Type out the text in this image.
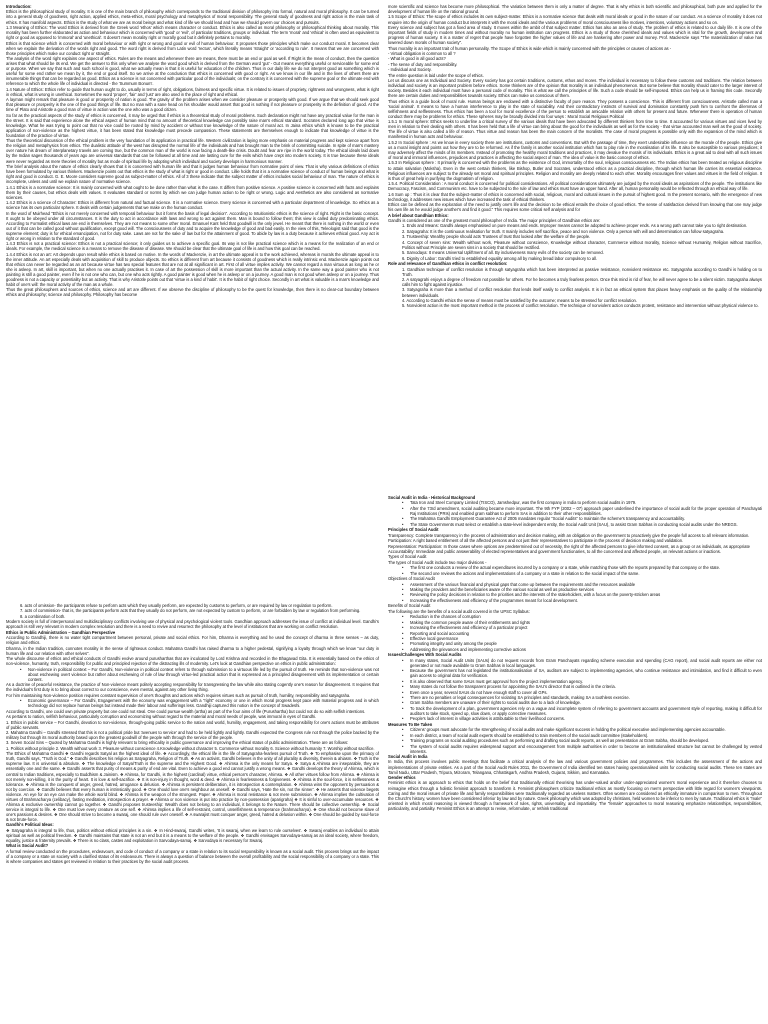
Introduction:

Ethics is the philosophical study of morality. It is one of the main branch of philosophy which corresponds to the traditional division of philosophy into formal, natural and moral philosophy. It can be turned into a general study of goodness, right action, applied ethics, meta-ethics, moral psychology and metaphysics of moral responsibility. The general study of goodness and right action is the main task of ethics. It has manifold aspects. Ethics is the study of what we are as moral beings and what kind of life we should lead and how we should govern our choices and pursuits.

1.3 Meaning of Ethics: The word Ethics is derived from the Greek word 'ethos' which means character or conduct. Ethics is also called as moral philosophy or philosophical thinking about morality. This morality has been further elaborated as action and behaviour which is concerned with 'good' or 'evil', of particular traditions, groups or individual. The term 'moral' and 'ethical' is often used as equivalent to right or good as opposed to 'immoral' and 'unethical'. It doesn't mean morality right or morally good but it definitely pertains to morality.

Ethics is that science which is concerned with moral behaviour or with right or wrong and good or evil of human behaviour. It proposes those principles which make our conduct moral. It becomes clear when we explain the derivation of the words right and good. The word right is derived from Latin word 'rectus', which literally means 'straight' or 'according to rule'. It means that we are concerned with those principles which make our conduct right or straight.

The analysis of the word right explains one aspect of ethics. Rules are the means and whenever there are means, there must be an end or goal as well. If Right is the mean of conduct, then the question arises that what should be its end. We get the answer to this only when we analyse the word good which is derived from the German word 'gut' - Gut means everything useful or serviceable for some end or purpose. When we say that such and such school is good, what we actually mean is that it is useful for education of the children. Thus in our daily life we do not interpret good as something which is useful for some end rather we mean by it, the end or good itself. So we arrive at the conclusion that ethics is concerned with good or right. As we know in our life and in the lives of others there are innumerable things that can be regarded as good. Ethics as a science is not concerned with particular good of the individuals; on the contrary it is concerned with the supreme goal or the ultimate end with reference to which the whole life of individual is directed - the 'Summum Bonum'.

1.4 Nature of Ethics: Ethics refer to guide that human ought to do, usually in terms of right, obligations, fairness and specific virtue. It is related to issues of propriety, rightness and wrongness, what is right in ethical, what is wrong in unethical. Sometimes the word 'proper', 'fair' and 'just' are also used in the place of right and ethical.

A layman might remark that pleasure is good or prosperity of nation is good. The gravity of the problem arises when we consider pleasure or prosperity with good. If we argue that we should seek good that pleasure or prosperity is the one of the good things of life. But no man with a sane head on his shoulder would assert that good is nothing if not pleasure or prosperity is the definition of good. At the time of Plato and Aristotle a good man of virtue in action was the one who was a good citizen.

So far as the practical aspects of the study of ethics is concerned, it may be urged that if ethics is a theoretical study of moral problems. Such declaration might not have any practical value for the man in the street. It is said that experience alone the ethical aspect of human mind that no amount of theoretical knowledge can possibly raise man's ethical standard. Socrates declared long ago that virtue is knowledge. What he was trying to point out that no vice could be rooted by mind by accident or without true knowledge of the nature of moral act. In Jaina ethics which is known to be the practical application of non-violence as the highest virtue, it has been stated that knowledge must precede compassion. These statements are themselves enough to indicate that knowledge of virtue is the foundation of the practice of virtue.

Thus the theoretical discussion of the ethical problem is the very foundation of its application in practical life. Western civilization is laying more emphasis on material progress and kept science apart from the religion and metaphysics from ethics. The dualistic attitude of the west has disrupted the normal life of the individuals and has brought man to the brink of committing suicide. In spite of man's mastery over nature his dream of interplanetary travels are coming true, but the common man of the world is now facing a death-like crisis. Doubt and fear are ripe in the world today. The ethical ideals laid down by the Indian sages thousands of years ago are universal standards that can be followed at all time and are lasting cure for the evils which have crept into modern society. It is true because these ideals were never regarded as mere theories of morality but as mode of spiritual life by adopting which individual and society develops in harmonious manner.

The brief analysis about the nature of ethics clearly shows that it is concerned with human life and that it judges human behaviour from normative point of view. That is why various definitions of ethics have been formulated by various thinkers. Mackenzie points out that ethics is the study of what is right or good in conduct. Lillie holds that it is a normative science of conduct of human beings and what is right and good in conduct. G. E. Moore considers supreme good as subject-matter of ethics. All of 3 these indicate that the subject matter of ethics includes social behaviour of man. The nature of ethics is incomplete, unless and until we explain nature of normative science.

1.4.1 Ethics is a normative science: It is mainly concerned with what ought to be done rather than what is the case. It differs from positive science. A positive science is concerned with facts and explains them by their causes, but ethics deals with values. It evaluates standard or norms by which we can judge human action to be right or wrong. Logic and Aesthetics are also considered as normative sciences.

1.4.2 Ethics is a science of Character: Ethics is different from natural and factual science. It is a normative science. Every science is concerned with a particular department of knowledge. So ethics as a science has its own particular sphere. It deals with certain judgements that we make on the human conduct.

In the word of Muirhead "Ethics is not merely concerned with temporal behaviour but it forms the basis of legal decision". According to Intuitionistic ethics is the science of right. Right is the basic concept. It ought to be obeyed under all circumstances. It is the duty to act in accordance with laws and wrong to act against them. Man is bound to follow them; this view is called duty predominating ethics. According to Formalist ethical laws are end in themselves. They are not means to some other moral. Emanuel Kant held that goodwill is the only jewel. He meant that there is nothing in the world or even out of it that can be called good without qualification, except good will. The consciousness of duty and to acquire the knowledge of good and bad easily. In the view of this, Teleologist said that good is the supreme element; duty is for ethical emancipation, not for duty sake. Laws are not for the sake of law but for the attainment of good. To abide by law is a duty because it achieves ethical good. Any act is right or wrong in relation to the standard of good.

1.4.3 Ethics is not a practical science: Ethics is not a practical science; it only guides us to achieve a specific goal. Its way is not like practical science which is a means for the realization of an end or ideals. For example, the medical science is a means to remove the disease of disease. We should be clear that the ultimate goal of life is and how this goal can be reached.

1.4.4 Ethics is not an art: Art depends upon result while ethics is based on motive. In the words of Mackenzie, in art the ultimate appeal is to the work achieved, whereas in morals the ultimate appeal is to the inner attitude. An art especially deals with acquisition of skill to produce objects. So ethics is different from art because it consists of goodness which is really intrinsic end. Mackenzie again points out that ethics can never be regarded as an art because virtue has two special features that are not at all significant in art. First of all virtue implies activity. We cannot regard a man virtuous as long as he or she is asleep. In art, skill is important, but when no one actually practises it. In case of art the possession of skill is more important than the actual activity. In the same way a good painter who is not painting is still a good painter, even if he is not one who can, but one who acts rightly. A good painter is good when he is asleep or on a journey. A good man is not good when asleep or on a journey. Thus goodness is not a capacity or potentiality but an activity. That is why Aristotle points out that 'virtue is a kind of habit'. It is the habit of right choice. Secondly in art what is valuable is a man's knowledge and habit of one's will: the moral activity of the man as a whole.

Thus the great philosophers and sources of ethics, science and art are different. If we observe the discipline of philosophy to be the quest for knowledge, then there is no clear-cut boundary between ethics and philosophy; science and philosophy. Philosophy has become

more scientific and science has become more philosophical. The variation between them is only a matter of degree. That is why ethics is both scientific and philosophical, both pure and applied for the development of human life on the rational ground.

1.5 Scope of Ethics: The scope of ethics includes its own subject-matter. Ethics is a normative science that deals with moral ideals or good in the nature of our conduct. As a science of morality it does not enquire into the origin of human conduct but interprets it with the moral ideals and the various problems of moral consciousness like motives, intentions, voluntary actions and so on.

Every science and subject has got a fixed area of study. It moves within the ambit of that subject matter. Ethics has also an area of study. The problem of ethics is related to our daily life. It is one of the important fields of study in modern times and without morality no human institution can progress. Ethics is a study of those cherished ideals and values which is vital for the growth, development and progress of human society. It is a matter of regret that people have forgotten the higher values of life and are hankering after power and money. Prof. Mackenzie says "The materialization of value has lowered down morals of human society".

Thus morality is an important trait of human personality. The Scope of Ethics is wide which is mainly concerned with the principles or causes of actions as -

- Virtual obligation is common to all ?

- What is good in all good acts?

- The sense of duty and responsibility.

- Individual and Society.

The entire question is laid under the scope of ethics.

Let us discuss one as Individual and Society. Every society has got certain traditions, customs, ethos and mores. The individual is necessary to follow these customs and traditions. The relation between individual and society is an important problem before ethics. Some thinkers are of the opinion that morality is an individual phenomenon. But some believe that morality should cater to the larger interest of society. Besides it each individual must have a personal code of morality. This is what we call the principles of life. Such a code should be self-imposed. Ethics can help us in framing this code. Secondly there are certain duties and responsibilities towards society. Ethics can make us conscious of them.

Thus ethics is a guide book of moral rule. Human beings are endowed with a distinctive faculty of pure reason. They possess a conscience. This is different from consciousness. Aristotle called man a 'social animal'. It means to have a human interference to play in the state of sociability. And their contradictory instincts of survival and domination constantly push him to confront the dilemmas of selfishness and selflessness. Thus ethics has been a tool for moral excellence of the person to establish an amicable relation with others for present and future. Whenever there is operation of human conduct there may be problems for ethics. These spheres may be broadly divided into four ways : Moral Social Religious Political

1.5.1 In moral sphere: Ethics seeks to underline a critical survey of the various ideals that have been advocated by different thinkers from time to time. It accounted for various virtues and vices lived by men in relation to their dealing with others. It has been held that a life of virtue can bring about the good for the individuals as well as for the society - that virtue accounted man well as the good of society. The life of virtue is also called a life of reason. Thus virtue and reason has been the main concern of the moralists. The case of moral progress is possible only with the expansion of the mind which is manifested in human acts and behaviour.

1.5.2 In Social sphere : As we know in every society there are institutions, customs and conventions. But with the passage of time, they exert undesirable influence on the morale of the people. Ethics give us a moral insight and points out how they are to be reformed. As if the family is another social institution which has to play role in the moralisation of its life. It also be susceptible to various prejudices; it may adversely affect the minds of its members. Instead of promoting the healthy moral traditions and practices, it may devalue the morals of its individuals. Ethics is a great aid to deal with all such issues of moral and immoral influences, prejudices and practices in affecting the social aspect of man. The idea of value is the basic concept of ethics.

1.5.3 In Religious sphere : It primarily is concerned with the problems as the existence of God, immortality of the soul, religious consciousness etc. The Indian ethics has been treated as religious discipline to attain salvation (Moksha). Even in the west certain thinkers, like Bishop, Butler and Socrates, understood ethics as a practical discipline, through which human life carries its essential existence. Religious influences are subject to the already set moral and spiritual principles. Religion and morality are deeply related to each other. Morality encourages finer values and virtues in the field of religion. It is thus of great help in purifying the dogmatism of religion.

1.5.4. Political Consideration : A moral conduct is concerned for political considerations. All political considerations ultimately are judged by the moral ideals as aspirations of the people. The institutions like Democracy, Fascism, and Communism etc. have to be subjected to the rule of law and ethics must have an upper hand. After all, human personality would be reflected through an ethical way of life.

1.6 Sum up : Thus it is clear that the subject-matter of ethics is concerned with social, religious, moral and cultural issues in the pursuit of highest good. In the present scenario, with the emergence of new technology, it addresses new issues which have increased the task of ethical thinkers.

Ethics can be defined as the exploration of the need to justify one's life and the decision to be ethical entails the choice of good ethics. The sense of satisfaction derived from knowing that one may judge his own life as he would judge another's and find it good." This requires some critical self analysis and for

A brief about Gandhian Ethics:

Gandhi is considered as one of the greatest moral philosopher of India. The major principles of Gandhian ethics are:

1. Ends and Means: Gandhi always emphasised on pure means and ends. Improper means cannot be adopted to achieve proper ends. As a wrong path cannot take you to right destination.

2. Satyagraha: It is the continuous realisation for truth. It mainly includes self sacrifice, peace and non violence. Only a person with will and determination can follow satyagraha.

3. Trusteeship: Wealthy people should acts Trustees of trust that looked after the welfare of the people.

4. Concept of seven sins: Wealth without work, Pleasure without conscience, Knowledge without character, Commerce without morality, Science without Humanity, Religion without Sacrifice, Politics without Principle are seven sins in a society that should be rectified.

5. Sarvodaya: It means Universal Upliftment of all. By inclusiveness many evils of the society can be removed.

6. Dignity of Labor: Gandhi tried to established equality among all by making bread labor compulsory to all.

Role and relevance of Gandhian ethics in conflict resolution:

1. Gandhian technique of conflict resolution is through satyagraha which has been interpreted as passive resistance, nonviolent resistance etc. Satyagraha according to Gandhi is holding on to Truth.

2. A satyagrahi enjoys a degree of freedom not possible for others. For he becomes a truly fearless person. Once this mind is rid of fear, he will never agree to be a silent victim. Satyagraha always calls him to fight against injustice.

3. Satyagraha is more than a method of conflict resolution that lends itself easily to conflict analysis. It is in fact an ethical system that places heavy emphasis on the quality of the relationship between individuals.

4. According to Gandhi ethics the sense of means must be satisfied by the outcome; means to be stressed for conflict resolution.

5. Nonviolent action is the most important method in the process of conflict resolution. The technique of nonviolent action conducts protest, resistance and intervention without physical violence to.

6. acts of omission- the participants refuse to perform acts which they usually perform, are expected by customs to perform, or are required by law or regulation to perform.

7. acts of commission- that is, the participants perform acts that they usually do not perform, are not expected by custom to perform, or are forbidden by law or regulation from performing.

8. a combination of both.

Modern society is full of interpersonal and multidisciplinary conflicts involving use of physical and psychological violent tools. Gandhian approach addresses the issue of conflict at individual level. Gandhi's approach is still very relevant in modern complex resolution and there is a need to revive and resurrect the philosophy at the level of institutions that are working on conflict resolution.

Ethics in Public Administration – Gandhian Perspective

According to Gandhiji, there is no water tight compartment between personal, private and social ethics. For him, Dharma is everything and he used the concept of dharma in three senses – as duty, religion and ethics.

Dharma, in the Indian tradition, connotes morality in the sense of righteous conduct. Mahatma Gandhi has raised dharma to a higher pedestal, signifying a loyalty through which we know "our duty in human life and our relation with other selves".

The whole discourse of ethics and ethical conducts of Gandhi evolve around purusharthas that are inculcated by Lord Krishna and recorded in the Bhagavad Gita. It is essentially based on the ethics of non-violence, humanity, truth, responsibility for public and principled rejection of the distracting ills of modernity. Let's look at Gandhian perspective on ethics in public administration:

• Non-violence in political context – For Gandhi, Non-violence in political context refers to through submission to a virtuous life led by the pursuit of truth. He reminds that non-violence was not about eschewing overt violence but rather about eschewing of rule of law through virtue-led practical action that is expressed as a principled disagreement with its implementation or certain content.

As a doctrine of peaceful resistance, the practice of Non-violence meant politely accepting responsibility for transgressing the law while also stating cogently one's reason for disagreement. It requires that the individual's first duty is to bring about correct to our conscience, even mental, against any other living thing.

For him maintaining Non-violence position requires constant supervision of one's thoughts and actions which requires virtues such as pursuit of truth, humility, responsibility and satyagraha.

• Economic governance – For Gandhi, Engagement with the economy was engagement with a "right" economy or one in which moral progress kept pace with material progress and in which technology did not replace human beings but instead made their labour and sufferings less. Gandhiji captured this notion in the concept of Swadeshi.

According to Gandhi, one could own private property but one could not steal. One could pursue wealth (artha) as part of the four aims of life (Purushartha) but could not do so with selfish intentions.

As pertains to nation, selfish behaviour, particularly corruption and economizing without regard to the material and moral needs of people, was immoral in eyes of Gandhi.

1. Ethics in public service – For Gandhi, devotion to non-violence, through-going public service to the nation and world, humility, engagement, and taking responsibility for one's actions must be attributes of public servants.

2. Mahatma Gandhi – Gandhi stressed that this is not a political pride but 'avenues to service' and had to be held lightly and lightly. Gandhi expected the Congress rule not through the police backed by the military but through its moral authority based upon the greatest goodwill of the people with through the service of the people.

3. Seven Social Sins – Quoted by Mahatma Gandhi is highly relevant to bring ethicality in public governance and improving the ethical status of public administration. These are as follows:

1. Politics without principle 2. Wealth without work 3. Pleasure without conscience 4.Knowledge without character 5. Commerce without morality 6. Science without humanity 7. Worship without sacrifice.

The Ethics of Mahatma Gandhi ❖ Gandhi regards Satyal as the highest ideal of life. ❖ Accordingly, the ethical life is the life of Satyagraha-fearless pursuit of Truth. ❖ To emphasise upon the primacy of truth, Gandhi says, "Truth is God." ❖ Gandhi describes his religion as Satyagraha, Religion of Truth. ❖ As an activist, Gandhi believes in the unity of all plurality & diversity, therein & ahiasm. ❖ Truth is the supreme law. It is universal & absolute. ❖ The knowledge of Satya/Truth is the supreme and the Highest Good. ❖ Ahimsa is the only means for Satya. ❖ Satya & Ahimsa are inseparable, they are essentially one and the same. ❖ Gandhi asserts that purity of means & purity of end are vital. Even to achieve a good end cannot justify a wrong means. ❖ Gandhi develops the theory of Ahimsa, which is central to Indian traditions, especially to Buddhism & Jainism. ❖ Ahimsa, for Gandhi, is the highest (cardinal) virtue, ethical person's character, Ahimsa. ❖ All other virtues follow from Ahimsa. ❖ Ahimsa is not merely non-killing, it is the purity of heart. It is love & self-sacrifice. ❖ It is non-injury in thought, word & deed. ❖ Ahimsa is fearlessness & forgiveness. ❖ Ahimsa is the soul-force, it is selflessness & tolerance. ❖ Ahimsa is the conquest of anger, greed, hatred, arrogance & delusion. ❖ Ahimsa is persistent deliberation, it is introspection & contemplation. ❖ Ahimsa wins the opponent by persuasion & not by coercion. ❖ Gandhi believes that every human is intrinsically good. ❖ One should love one's neighbour as oneself. ❖ Gandhi says, 'Hate the sin, not the sinner'. ❖ He asserts that violence begets violence. An eye for an eye can make the whole world blind. ❖ Ahimsa is the weapon of the strongest. Paper. ❖ Ahimsa is moral resistance & not mere submission. ❖ Ahimsa implies the cultivation of virtues of Brahmacharya (celibacy), fasting meditation, introspection & prayer. ❖ Ahimsa or non violence is put into practice by non-possession (aparigraha) ❖ It is sinful to over-accumulate resources. ❖ Ahimsa & exclusive ownership cannot go together. ❖ Gandhi proposes trusteeship: Wealth does not belong to an individual, it belongs to the Nature. There should be collective ownership. ❖ Social service is integral to life. ❖ One must love every creature as one self. ❖ Ahimsa implies a life of self-restraint, control, unselfishness & temperance (brahmacharya). ❖ One should not become slave of one's passions & desires. ❖ One should strive to become a swaraj, one should rule over oneself. ❖ A swarajist must conquer anger, greed, hatred & delusion within. ❖ One should be guided by soul-force & not brute-force.

Gandhi's Political Ideas:

❖ Satyagraha is integral to life, thus, politics without ethical principles is a sin. ❖ In Hind-swaraj, Gandhi writes, 'It is swaraj, when we learn to rule ourselves'. ❖ Swaraj enables an individual to attain spiritual as well as political freedom. ❖ Gandhi maintains that state is not an end but it is a means to the welfare of the people. ❖ Gandhi envisages Sarvodaya-samaj as an ideal society, where freedom, equality, justice & fraternity prevails. ❖ There is no class, castes and exploitation in Sarvodaya-samaj. ❖ Sarvodaya is necessary for Swaraj.

What is Social Audit?

A formal review conducted on the procedures, endeavours, and code of conduct of a company or a state in relation to its social responsibility is known as a social audit. This process brings out the impact of a company or a state on society with a clarified status of its endeavours. There is always a question of balance between the overall profitability and the social responsibility of a company or a state. This is where companies and states get reviewed in relation to their practices by the social audit process.

Social Audit in India - Historical Background

• Tata Iron and Steel Company Limited (TISCO), Jamshedpur, was the first company in India to perform social audits in 1979.

• After the 73rd amendment, social auditing became more important. The 9th FYP (2002 – 07) approach paper underlined the importance of social audit for the proper operation of Panchayati Raj Institutions (PRIs) and enabled gram sabhas to perform SAs in addition to their other responsibilities.

• The Mahatma Gandhi Employment Guarantee Act of 2005 mandates regular "Social Audits" to maintain the scheme's transparency and accountability.

• The State Governments must select or establish a state-level independent entity, the Social Audit Unit (SAU), to assist Gram Sabhas in conducting social audits under the NREGS.

Principles Of Social Audit

Transparency: Complete transparency in the process of administration and decision making, with an obligation on the government to proactively give the people full access to all relevant information.

Participation: A right based entitlement of all the affected persons and not just their representatives to participate in the process of decision making and validation.

Representation: Participation: In those cases where options are predetermined out of necessity, the right of the affected persons to give informed consent, as a group or as individuals, as appropriate

Accountability: Immediate and public answerability of elected representatives and government functionaries, to all the concerned and affected people, on relevant actions or inactions.

Types of Social Audit

The types of Social Audit include two major divisions -

• The first one conducts a review of the actual expenditures incurred by a company or a state, while matching those with the reports prepared by that company or the state.

• The second one reviews the actions and implementations of a company or a state in relation to the social impact of the same.

Objectives of Social Audit

• Assessment of the various financial and physical gaps that come up between the requirements and the resources available

• Making the providers and the beneficiaries aware of the various social as well as productive services

• Reviewing the policy decisions in relation to the priorities and the interests of the stakeholders, with a focus on the poverty-stricken areas

• Increasing the effectiveness and efficiency of the programmes meant for local development.

Benefits of Social Audit

The following are the benefits of a social audit covered in the UPSC Syllabus:

• Reduction in the chances of corruption

• Making the common people aware of their entitlements and rights

• Increasing the effectiveness and efficiency of a particular project

• Reporting and social accounting

• Effective local governance

• Promoting integrity and unity among the people

• Addressing the grievances and implementing corrective actions

Issues/Challenges With Social Audits

• In many states, Social Audit Units (SAUs) do not request records from Gram Panchayats regarding scheme execution and spending (CAG report), and social audit reports are either not generated or not made available to Gram Sabhas in local languages.

• Because the government has not legislated the institutionalisation of SA, auditors are subject to implementing agencies, who continue resistance and intimidation, and find it difficult to even gain access to original data for verification.

• It is also observed that some SAUs must get approval from the project implementation agency.

• Many states do not follow the transparent process for appointing the SAU's director that is outlined in the criteria.

• Even once a year, several SAUs do not have enough staff to cover all GPs.

• There are no penalties or legal consequences for violating SA principles and standards, making SA a toothless exercise.

• Gram Sabha members are unaware of their rights to social audits due to a lack of knowledge.

• To track the development of a plan, government agencies rely on a vague and incomplete system of referring to government accounts and government style of reporting, making it difficult for auditors to take stock, speed up, slow down, or apply corrective measures.

• People's lack of interest in village activities is attributable to their livelihood concerns.

Measures To Be Taken

• Citizens' groups must advocate for the strengthening of social audits and make significant success in holding the political executive and implementing agencies accountable.

• In each district, a team of social audit experts should be established to train members of the social audit committee (stakeholders).

• Training programs on social auditing procedures such as performing and drafting social audit reports, as well as presentation at Gram Sabha, should be developed.

• The system of social audits requires widespread support and encouragement from multiple authorities in order to become an institutionalised structure but cannot be challenged by vested interests.

Social Audit in India

In India, this process involves public meetings that facilitate a critical analysis of the law and various government policies and programmes. This includes the assessment of the actions and implementations of private entities. As a part of the Social Audit Rules 2011, the Government of India identified ten states having operationalised units for conducting social audits. These ten states are Tamil Nadu, Uttar Pradesh, Tripura, Mizoram, Telangana, Chhattisgarh, Andhra Pradesh, Gujarat, Sikkim, and Karnataka.

Gender ethics

Feminist ethics is an approach to ethics that holds on the belief that traditionally ethical theorising has under-valued and/or under-appreciated women's moral experience and it therefore chooses to reimagine ethics through a holistic feminist approach to transform it. Feminist philosophers criticize traditional ethics as mostly focusing on men's perspective with little regard for women's viewpoints. Caring and the moral issues of private life and family responsibilities were traditionally regarded as useless matters. Often women are considered as ethically immature in comparison to men. Throughout the Church's history, women have been considered inferior by law and by nature. Greek philosophy which was adopted by christians, held women to be inferior to men by nature. Traditional ethics is "male" oriented in which moral reasoning is viewed through a framework of rules, rights, universality, and impartiality. The "female" approaches to moral reasoning emphasize relationships, responsibilities, particularity, and partiality. Feminist Ethics is an attempt to revise, reformulate, or rethink traditional
